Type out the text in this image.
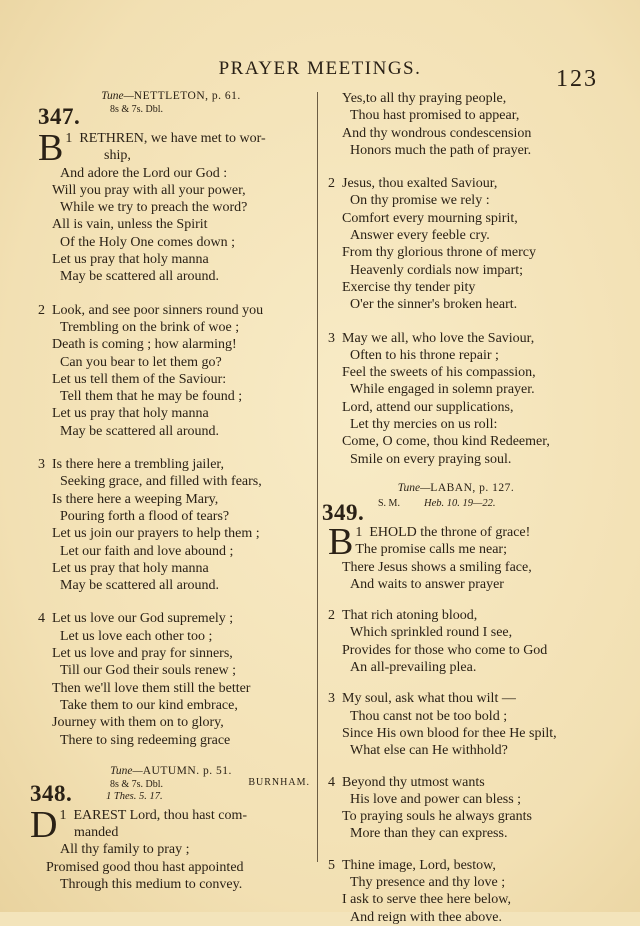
PRAYER MEETINGS.	123
Tune—NETTLETON, p. 61.
347.	8s & 7s. Dbl.
1
B RETHREN, we have met to wor-
ship,
And adore the Lord our God :
Will you pray with all your power,
While we try to preach the word?
All is vain, unless the Spirit
Of the Holy One comes down ;
Let us pray that holy manna
May be scattered all around.
2 Look, and see poor sinners round you
Trembling on the brink of woe ;
Death is coming ; how alarming!
Can you bear to let them go?
Let us tell them of the Saviour:
Tell them that he may be found ;
Let us pray that holy manna
May be scattered all around.
3 Is there here a trembling jailer,
Seeking grace, and filled with fears,
Is there here a weeping Mary,
Pouring forth a flood of tears?
Let us join our prayers to help them ;
Let our faith and love abound ;
Let us pray that holy manna
May be scattered all around.
4 Let us love our God supremely ;
Let us love each other too ;
Let us love and pray for sinners,
Till our God their souls renew ;
Then we'll love them still the better
Take them to our kind embrace,
Journey with them on to glory,
There to sing redeeming grace
Tune—AUTUMN. p. 51.
348.	8s & 7s. Dbl.
1 Thes. 5. 17.
BURNHAM.
1
D EAREST Lord, thou hast com-
manded
All thy family to pray ;
Promised good thou hast appointed
Through this medium to convey.
Yes,to all thy praying people,
Thou hast promised to appear,
And thy wondrous condescension
Honors much the path of prayer.
2 Jesus, thou exalted Saviour,
On thy promise we rely :
Comfort every mourning spirit,
Answer every feeble cry.
From thy glorious throne of mercy
Heavenly cordials now impart;
Exercise thy tender pity
O'er the sinner's broken heart.
3 May we all, who love the Saviour,
Often to his throne repair ;
Feel the sweets of his compassion,
While engaged in solemn prayer.
Lord, attend our supplications,
Let thy mercies on us roll:
Come, O come, thou kind Redeemer,
Smile on every praying soul.
Tune—LABAN, p. 127.
349. S. M. Heb. 10. 19—22.
1
B EHOLD the throne of grace!
The promise calls me near;
There Jesus shows a smiling face,
And waits to answer prayer
2 That rich atoning blood,
Which sprinkled round I see,
Provides for those who come to God
An all-prevailing plea.
3 My soul, ask what thou wilt —
Thou canst not be too bold ;
Since His own blood for thee He spilt,
What else can He withhold?
4 Beyond thy utmost wants
His love and power can bless ;
To praying souls he always grants
More than they can express.
5 Thine image, Lord, bestow,
Thy presence and thy love ;
I ask to serve thee here below,
And reign with thee above.
